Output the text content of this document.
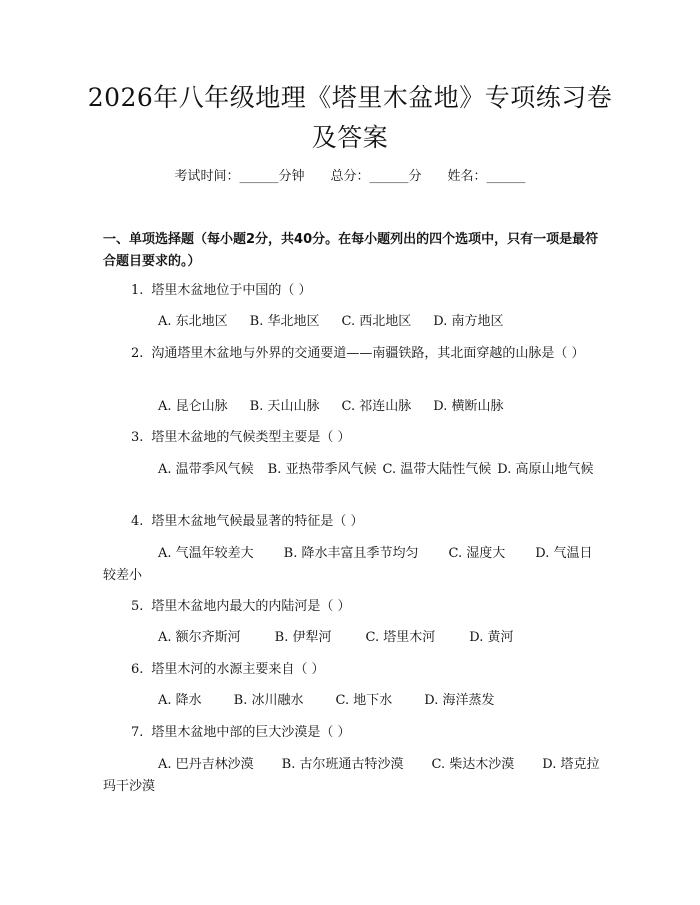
2026年八年级地理《塔里木盆地》专项练习卷及答案
考试时间：______分钟 总分：______分 姓名：______
一、单项选择题（每小题2分，共40分。在每小题列出的四个选项中，只有一项是最符合题目要求的。）
1. 塔里木盆地位于中国的（ ）
A. 东北地区 B. 华北地区 C. 西北地区 D. 南方地区
2. 沟通塔里木盆地与外界的交通要道——南疆铁路，其北面穿越的山脉是（ ）
A. 昆仑山脉 B. 天山山脉 C. 祁连山脉 D. 横断山脉
3. 塔里木盆地的气候类型主要是（ ）
A. 温带季风气候 B. 亚热带季风气候 C. 温带大陆性气候 D. 高原山地气候
4. 塔里木盆地气候最显著的特征是（ ）
A. 气温年较差大 B. 降水丰富且季节均匀 C. 湿度大 D. 气温日较差小
5. 塔里木盆地内最大的内陆河是（ ）
A. 额尔齐斯河	B. 伊犁河	C. 塔里木河	D. 黄河
6. 塔里木河的水源主要来自（ ）
A. 降水 B. 冰川融水 C. 地下水 D. 海洋蒸发
7. 塔里木盆地中部的巨大沙漠是（ ）
A. 巴丹吉林沙漠 B. 古尔班通古特沙漠 C. 柴达木沙漠 D. 塔克拉玛干沙漠
